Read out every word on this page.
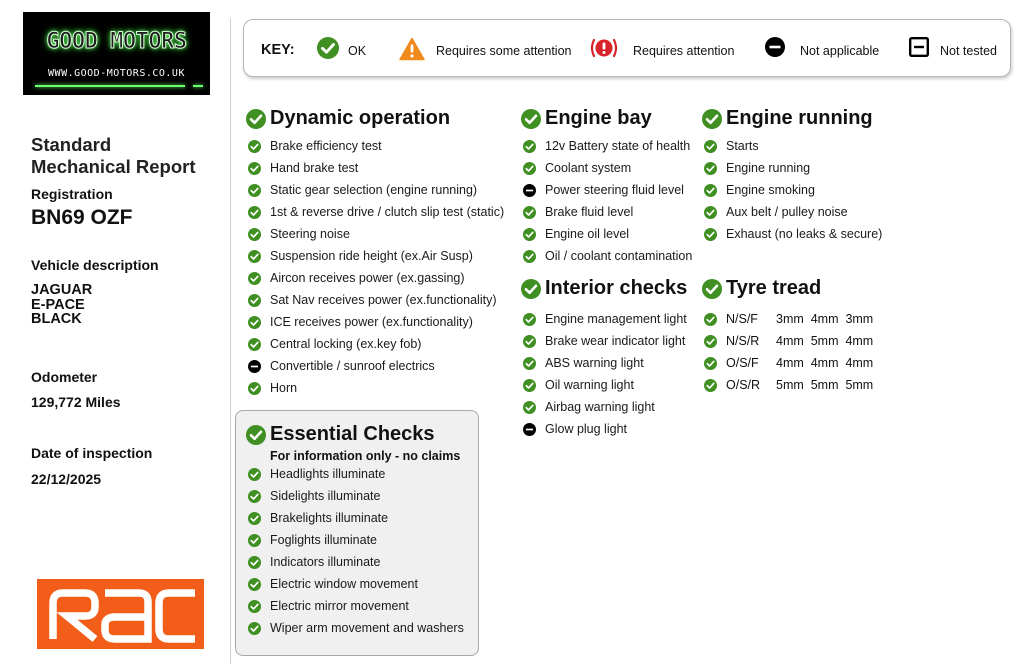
GOOD MOTORS
WWW.GOOD-MOTORS.CO.UK
Standard
Mechanical Report
Registration
BN69 OZF
Vehicle description
JAGUAR
E-PACE
BLACK
Odometer
129,772 Miles
Date of inspection
22/12/2025
KEY:	OK	Requires some attention	Requires attention	Not applicable	Not tested
Dynamic operation
Brake efficiency test
Hand brake test
Static gear selection (engine running)
1st & reverse drive / clutch slip test (static)
Steering noise
Suspension ride height (ex.Air Susp)
Aircon receives power (ex.gassing)
Sat Nav receives power (ex.functionality)
ICE receives power (ex.functionality)
Central locking (ex.key fob)
Convertible / sunroof electrics
Horn
Essential Checks
For information only - no claims
Headlights illuminate
Sidelights illuminate
Brakelights illuminate
Foglights illuminate
Indicators illuminate
Electric window movement
Electric mirror movement
Wiper arm movement and washers
Engine bay
12v Battery state of health
Coolant system
Power steering fluid level
Brake fluid level
Engine oil level
Oil / coolant contamination
Interior checks
Engine management light
Brake wear indicator light
ABS warning light
Oil warning light
Airbag warning light
Glow plug light
Engine running
Starts
Engine running
Engine smoking
Aux belt / pulley noise
Exhaust (no leaks & secure)
Tyre tread
N/S/F 3mm  4mm  3mm
N/S/R 4mm  5mm  4mm
O/S/F 4mm  4mm  4mm
O/S/R 5mm  5mm  5mm
